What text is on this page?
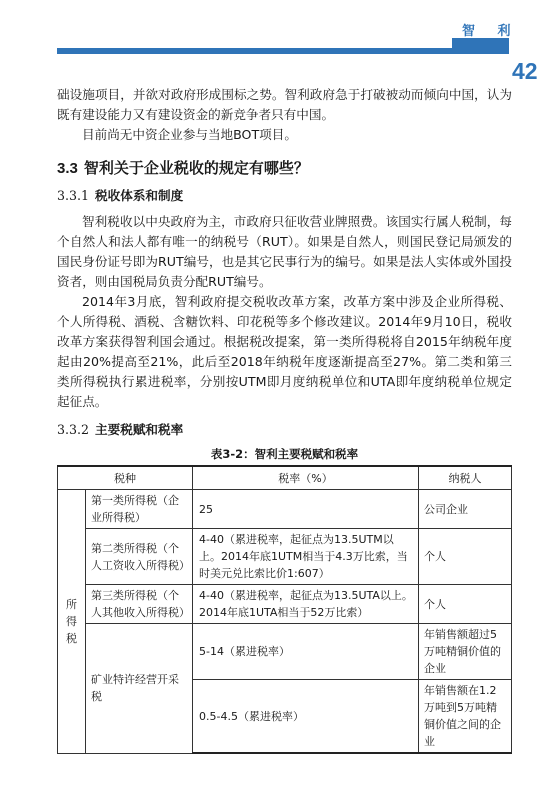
智 利
42

础设施项目，并欲对政府形成围标之势。智利政府急于打破被动而倾向中国，认为既有建设能力又有建设资金的新竞争者只有中国。

目前尚无中资企业参与当地BOT项目。

3.3 智利关于企业税收的规定有哪些？
3.3.1 税收体系和制度

智利税收以中央政府为主，市政府只征收营业牌照费。该国实行属人税制，每个自然人和法人都有唯一的纳税号（RUT）。如果是自然人，则国民登记局颁发的国民身份证号即为RUT编号，也是其它民事行为的编号。如果是法人实体或外国投资者，则由国税局负责分配RUT编号。

2014年3月底，智利政府提交税收改革方案，改革方案中涉及企业所得税、个人所得税、酒税、含糖饮料、印花税等多个修改建议。2014年9月10日，税收改革方案获得智利国会通过。根据税改提案，第一类所得税将自2015年纳税年度起由20%提高至21%，此后至2018年纳税年度逐渐提高至27%。第二类和第三类所得税执行累进税率，分别按UTM即月度纳税单位和UTA即年度纳税单位规定起征点。

3.3.2 主要税赋和税率
表3-2：智利主要税赋和税率
税种		税率（%）	纳税人
所得税	第一类所得税（企业所得税）	25	公司企业
	第二类所得税（个人工资收入所得税）	4-40（累进税率，起征点为13.5UTM以上。2014年底1UTM相当于4.3万比索，当时美元兑比索比价1:607）	个人
	第三类所得税（个人其他收入所得税）	4-40（累进税率，起征点为13.5UTA以上。2014年底1UTA相当于52万比索）	个人
	矿业特许经营开采税	5-14（累进税率）	年销售额超过5万吨精铜价值的企业
		0.5-4.5（累进税率）	年销售额在1.2万吨到5万吨精铜价值之间的企业
